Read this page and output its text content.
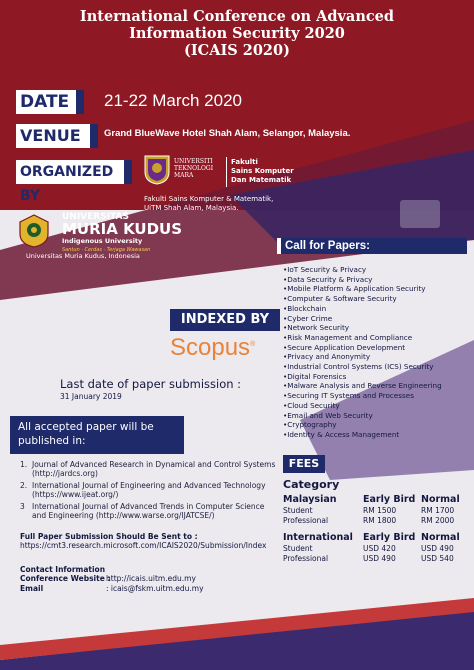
International Conference on Advanced
Information Security 2020
(ICAIS 2020)
DATE	21-22 March 2020
VENUE	Grand BlueWave Hotel Shah Alam, Selangor, Malaysia.
ORGANIZED BY
UNIVERSITI
TEKNOLOGI
MARA
Fakulti
Sains Komputer
Dan Matematik
Fakulti Sains Komputer & Matematik,
UiTM Shah Alam, Malaysia.
UNIVERSITAS
MURIA KUDUS
Indigenous University
Santun · Cerdas · Terjaga Wawasan
Universitas Muria Kudus, Indonesia
Call for Papers:
• IoT Security & Privacy
• Data Security & Privacy
• Mobile Platform & Application Security
• Computer & Software Security
• Blockchain
• Cyber Crime
• Network Security
• Risk Management and Compliance
• Secure Application Development
• Privacy and Anonymity
• Industrial Control Systems (ICS) Security
• Digital Forensics
• Malware Analysis and Reverse Engineering
• Securing IT Systems and Processes
• Cloud Security
• Email and Web Security
• Cryptography
• Identity & Access Management
INDEXED BY
Scopus®
Last date of paper submission :
31 January 2019
All accepted paper will be
published in:
1. Journal of Advanced Research in Dynamical and Control Systems (http://jardcs.org)
2. International Journal of Engineering and Advanced Technology (https://www.ijeat.org/)
3 International Journal of Advanced Trends in Computer Science and Engineering (http://www.warse.org/IJATCSE/)
Full Paper Submission Should Be Sent to :
https://cmt3.research.microsoft.com/ICAIS2020/Submission/Index
Contact Information
Conference Website :
http://icais.uitm.edu.my
Email	: icais@fskm.uitm.edu.my
FEES
Category
Malaysian	Early Bird Normal
Student	RM 1500	RM 1700
Professional	RM 1800	RM 2000
International	Early Bird Normal
Student	USD 420	USD 490
Professional	USD 490	USD 540
